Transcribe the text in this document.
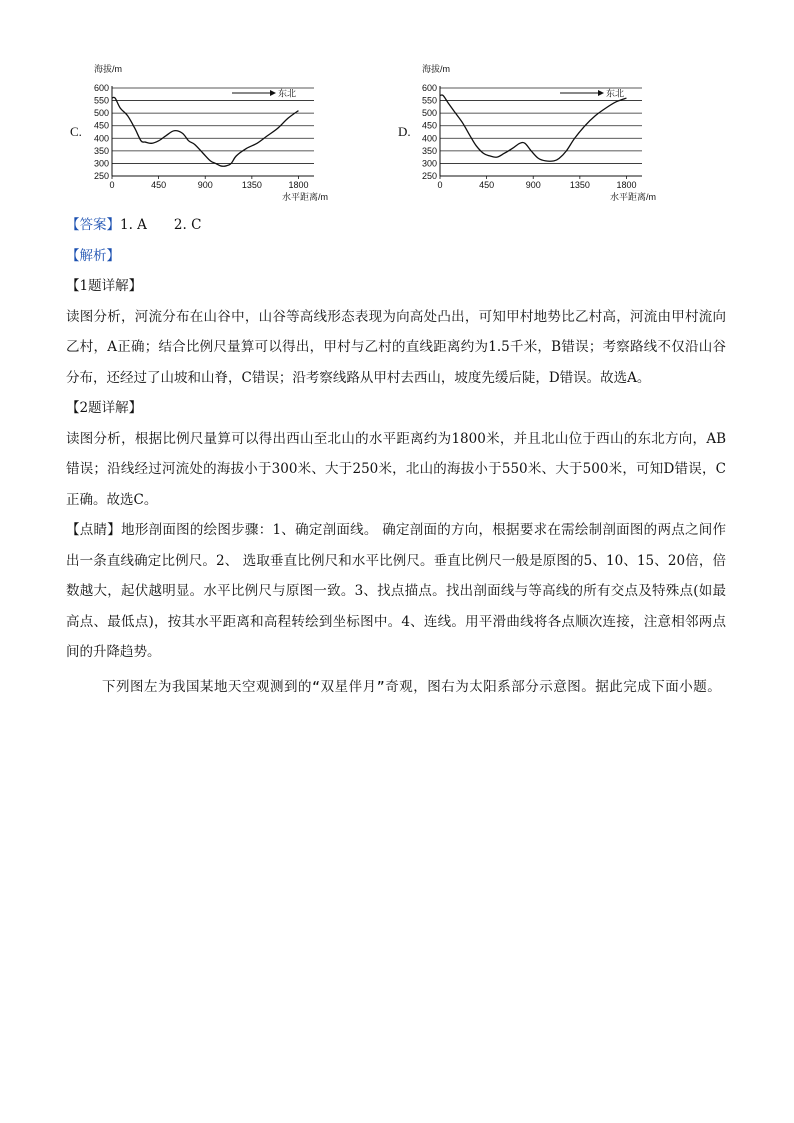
C.
海拔/m
250
300
350
400
450
500
550
600
0	450	900	1350	1800
水平距离/m
东北
D.
海拔/m
250
300
350
400
450
500
550
600
0	450	900	1350	1800
水平距离/m
东北

【答案】1. A　　2. C

【解析】

【1题详解】

读图分析，河流分布在山谷中，山谷等高线形态表现为向高处凸出，可知甲村地势比乙村高，河流由甲村流向乙村，A正确；结合比例尺量算可以得出，甲村与乙村的直线距离约为1.5千米，B错误；考察路线不仅沿山谷分布，还经过了山坡和山脊，C错误；沿考察线路从甲村去西山，坡度先缓后陡，D错误。故选A。

【2题详解】

读图分析，根据比例尺量算可以得出西山至北山的水平距离约为1800米，并且北山位于西山的东北方向，AB错误；沿线经过河流处的海拔小于300米、大于250米，北山的海拔小于550米、大于500米，可知D错误，C正确。故选C。

【点睛】地形剖面图的绘图步骤：1、确定剖面线。 确定剖面的方向，根据要求在需绘制剖面图的两点之间作出一条直线确定比例尺。2、 选取垂直比例尺和水平比例尺。垂直比例尺一般是原图的5、10、15、20倍，倍数越大，起伏越明显。水平比例尺与原图一致。3、找点描点。找出剖面线与等高线的所有交点及特殊点(如最高点、最低点)，按其水平距离和高程转绘到坐标图中。4、连线。用平滑曲线将各点顺次连接，注意相邻两点间的升降趋势。

下列图左为我国某地天空观测到的“双星伴月”奇观，图右为太阳系部分示意图。据此完成下面小题。
